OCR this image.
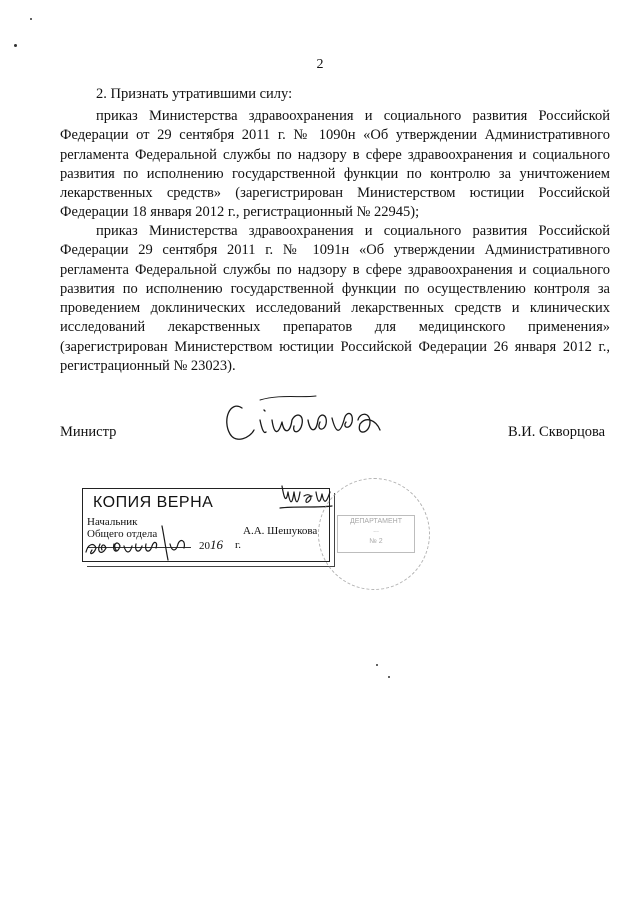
2
2. Признать утратившими силу:

приказ Министерства здравоохранения и социального развития Российской Федерации от 29 сентября 2011 г. № 1090н «Об утверждении Административного регламента Федеральной службы по надзору в сфере здравоохранения и социального развития по исполнению государственной функции по контролю за уничтожением лекарственных средств» (зарегистрирован Министерством юстиции Российской Федерации 18 января 2012 г., регистрационный № 22945);

приказ Министерства здравоохранения и социального развития Российской Федерации 29 сентября 2011 г. № 1091н «Об утверждении Административного регламента Федеральной службы по надзору в сфере здравоохранения и социального развития по исполнению государственной функции по осуществлению контроля за проведением доклинических исследований лекарственных средств и клинических исследований лекарственных препаратов для медицинского применения» (зарегистрирован Министерством юстиции Российской Федерации 26 января 2012 г., регистрационный № 23023).

Министр	В.И. Скворцова
КОПИЯ ВЕРНА
Начальник
Общего отдела	А.А. Шешукова
2016 г.
ДЕПАРТАМЕНТ
...
№ 2
